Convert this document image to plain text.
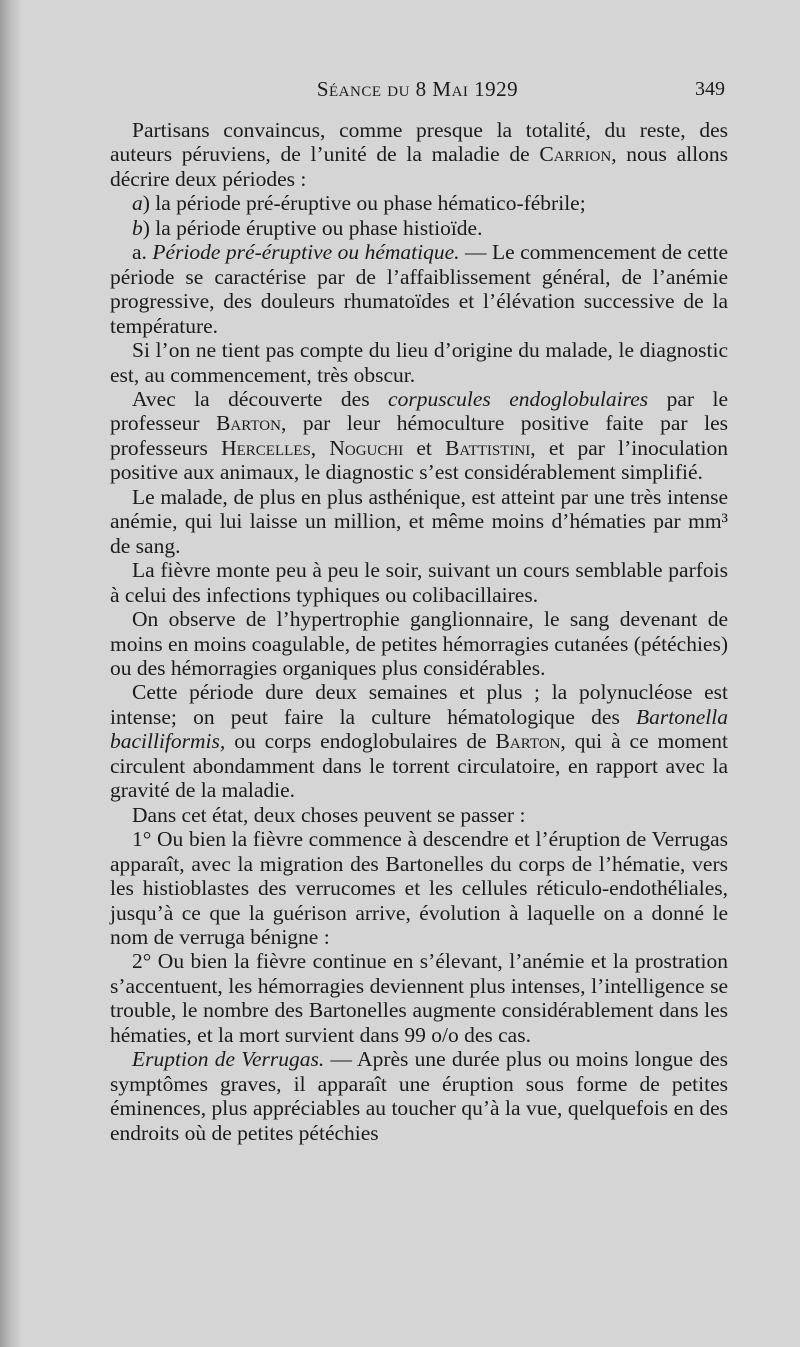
Séance du 8 Mai 1929	349

Partisans convaincus, comme presque la totalité, du reste, des auteurs péruviens, de l’unité de la maladie de Carrion, nous allons décrire deux périodes :

a) la période pré-éruptive ou phase hématico-fébrile;

b) la période éruptive ou phase histioïde.

a. Période pré-éruptive ou hématique. — Le commencement de cette période se caractérise par de l’affaiblissement général, de l’anémie progressive, des douleurs rhumatoïdes et l’élévation successive de la température.

Si l’on ne tient pas compte du lieu d’origine du malade, le diagnostic est, au commencement, très obscur.

Avec la découverte des corpuscules endoglobulaires par le professeur Barton, par leur hémoculture positive faite par les professeurs Hercelles, Noguchi et Battistini, et par l’inoculation positive aux animaux, le diagnostic s’est considérablement simplifié.

Le malade, de plus en plus asthénique, est atteint par une très intense anémie, qui lui laisse un million, et même moins d’hématies par mm³ de sang.

La fièvre monte peu à peu le soir, suivant un cours semblable parfois à celui des infections typhiques ou colibacillaires.

On observe de l’hypertrophie ganglionnaire, le sang devenant de moins en moins coagulable, de petites hémorragies cutanées (pétéchies) ou des hémorragies organiques plus considérables.

Cette période dure deux semaines et plus ; la polynucléose est intense; on peut faire la culture hématologique des Bartonella bacilliformis, ou corps endoglobulaires de Barton, qui à ce moment circulent abondamment dans le torrent circulatoire, en rapport avec la gravité de la maladie.

Dans cet état, deux choses peuvent se passer :

1° Ou bien la fièvre commence à descendre et l’éruption de Verrugas apparaît, avec la migration des Bartonelles du corps de l’hématie, vers les histioblastes des verrucomes et les cellules réticulo-endothéliales, jusqu’à ce que la guérison arrive, évolution à laquelle on a donné le nom de verruga bénigne :

2° Ou bien la fièvre continue en s’élevant, l’anémie et la prostration s’accentuent, les hémorragies deviennent plus intenses, l’intelligence se trouble, le nombre des Bartonelles augmente considérablement dans les hématies, et la mort survient dans 99 o/o des cas.

Eruption de Verrugas. — Après une durée plus ou moins longue des symptômes graves, il apparaît une éruption sous forme de petites éminences, plus appréciables au toucher qu’à la vue, quelquefois en des endroits où de petites pétéchies
